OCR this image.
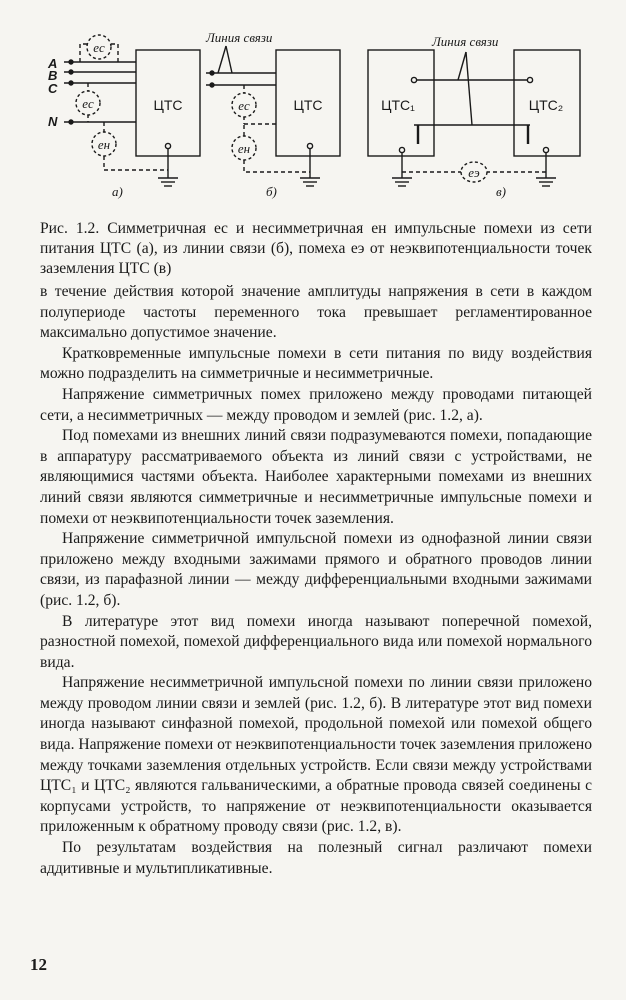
ЦТС
A
B
C
N
eс
eс
eн
а)
Линия связи
ЦТС
eс
eн
б)
Линия связи
ЦТС₁	ЦТС₂
eэ
в)
Рис. 1.2. Симметричная eс и несимметричная eн импульсные помехи из сети питания ЦТС (а), из линии связи (б), помеха eэ от неэквипотенциальности точек заземления ЦТС (в)

в течение действия которой значение амплитуды напряжения в сети в каждом полупериоде частоты переменного тока превышает регламентированное максимально допустимое значение.

Кратковременные импульсные помехи в сети питания по виду воздействия можно подразделить на симметричные и несимметричные.

Напряжение симметричных помех приложено между проводами питающей сети, а несимметричных — между проводом и землей (рис. 1.2, а).

Под помехами из внешних линий связи подразумеваются помехи, попадающие в аппаратуру рассматриваемого объекта из линий связи с устройствами, не являющимися частями объекта. Наиболее характерными помехами из внешних линий связи являются симметричные и несимметричные импульсные помехи и помехи от неэквипотенциальности точек заземления.

Напряжение симметричной импульсной помехи из однофазной линии связи приложено между входными зажимами прямого и обратного проводов линии связи, из парафазной линии — между дифференциальными входными зажимами (рис. 1.2, б).

В литературе этот вид помехи иногда называют поперечной помехой, разностной помехой, помехой дифференциального вида или помехой нормального вида.

Напряжение несимметричной импульсной помехи по линии связи приложено между проводом линии связи и землей (рис. 1.2, б). В литературе этот вид помехи иногда называют синфазной помехой, продольной помехой или помехой общего вида. Напряжение помехи от неэквипотенциальности точек заземления приложено между точками заземления отдельных устройств. Если связи между устройствами ЦТС₁ и ЦТС₂ являются гальваническими, а обратные провода связей соединены с корпусами устройств, то напряжение от неэквипотенциальности оказывается приложенным к обратному проводу связи (рис. 1.2, в).

По результатам воздействия на полезный сигнал различают помехи аддитивные и мультипликативные.

12
